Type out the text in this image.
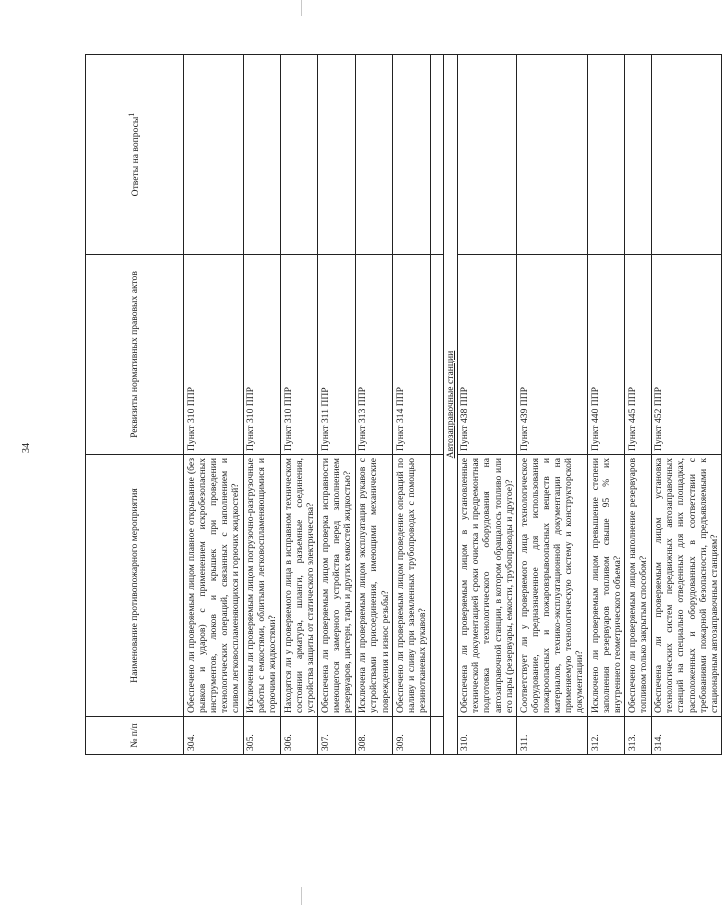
34
№ п/п	Наименование противопожарного мероприятия	Реквизиты нормативных правовых актов	Ответы на вопросы$^1$
304.	Обеспечено ли проверяемым лицом плавное открывание (без рывков и ударов) с применением искробезопасных инструментов, люков и крышек при проведении технологических операций, связанных с наполнением и сливом легковоспламеняющихся и горючих жидкостей?	Пункт 310 ППР	
305.	Исключены ли проверяемым лицом погрузочно-разгрузочные работы с емкостями, облитыми легковоспламеняющимися и горючими жидкостями?	Пункт 310 ППР	
306.	Находятся ли у проверяемого лица в исправном техническом состоянии арматура, шланги, разъемные соединения, устройства защиты от статического электричества?	Пункт 310 ППР	
307.	Обеспечена ли проверяемым лицом проверка исправности имеющегося замерного устройства перед заполнением резервуаров, цистерн, тары и других емкостей жидкостью?	Пункт 311 ППР	
308.	Исключена ли проверяемым лицом эксплуатация рукавов с устройствами присоединения, имеющими механические повреждения и износ резьбы?	Пункт 313 ППР	
309.	Обеспечено ли проверяемым лицом проведение операций по наливу и сливу при заземленных трубопроводах с помощью резинотканевых рукавов?	Пункт 314 ППР	

Автозаправочные станции			
310.	Обеспечена ли проверяемым лицом в установленные технической документацией сроки очистка и предремонтная подготовка технологического оборудования на автозаправочной станции, в котором обращалось топливо или его пары (резервуары, емкости, трубопроводы и другое)?	Пункт 438 ППР	
311.	Соответствует ли у проверяемого лица технологическое оборудование, предназначенное для использования пожароопасных и пожаровзрывоопасных веществ и материалов, технико-эксплуатационной документации на применяемую технологическую систему и конструкторской документации?	Пункт 439 ППР	
312.	Исключено ли проверяемым лицом превышение степени заполнения резервуаров топливом свыше 95 % их внутреннего геометрического объема?	Пункт 440 ППР	
313.	Обеспечено ли проверяемым лицом наполнение резервуаров топливом только закрытым способом?	Пункт 445 ППР	
314.	Обеспечена ли проверяемым лицом установка технологических систем передвижных автозаправочных станций на специально отведенных для них площадках, расположенных и оборудованных в соответствии с требованиями пожарной безопасности, предъявляемыми к стационарным автозаправочным станциям?	Пункт 452 ППР	
